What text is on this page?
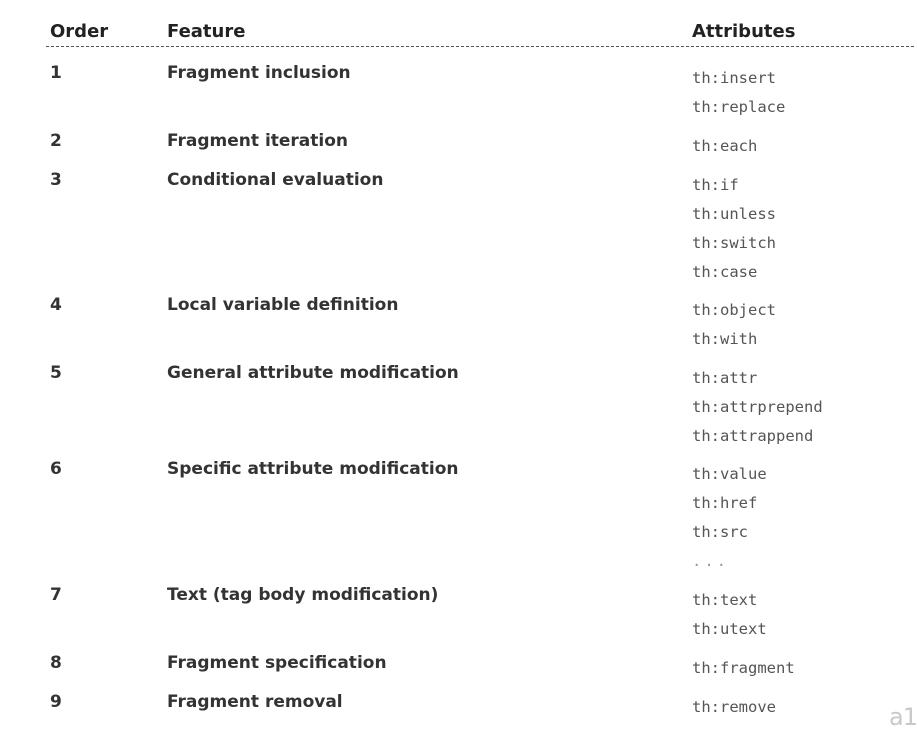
Order	Feature	Attributes
1	Fragment inclusion	th:insert
th:replace
2	Fragment iteration	th:each
3	Conditional evaluation	th:if
th:unless
th:switch
th:case
4	Local variable definition	th:object
th:with
5	General attribute modification	th:attr
th:attrprepend
th:attrappend
6	Specific attribute modification	th:value
th:href
th:src
...
7	Text (tag body modification)	th:text
th:utext
8	Fragment specification	th:fragment
9	Fragment removal	th:remove	a1
